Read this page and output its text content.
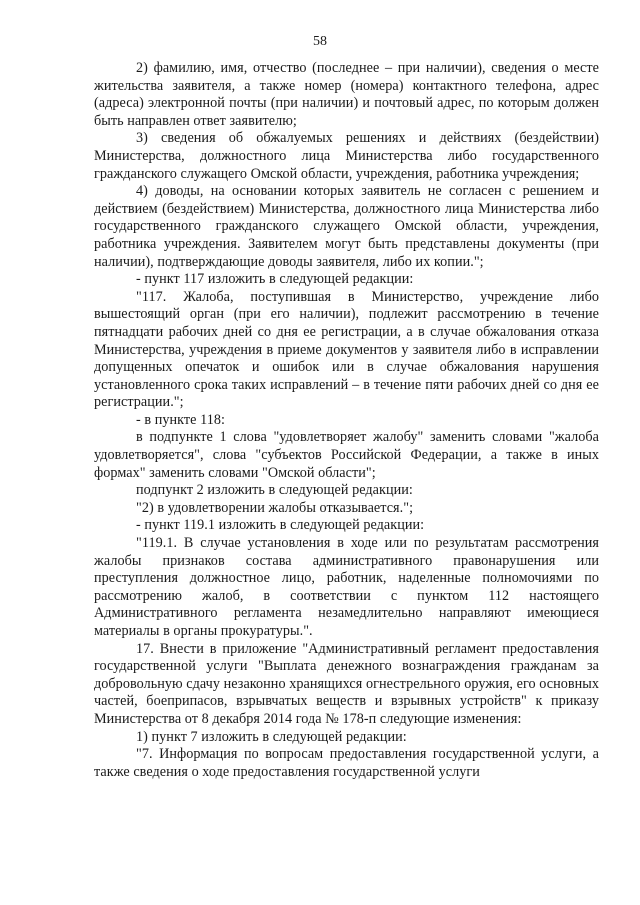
58

2) фамилию, имя, отчество (последнее – при наличии), сведения о месте жительства заявителя, а также номер (номера) контактного телефона, адрес (адреса) электронной почты (при наличии) и почтовый адрес, по которым должен быть направлен ответ заявителю;

3) сведения об обжалуемых решениях и действиях (бездействии) Министерства, должностного лица Министерства либо государственного гражданского служащего Омской области, учреждения, работника учреждения;

4) доводы, на основании которых заявитель не согласен с решением и действием (бездействием) Министерства, должностного лица Министерства либо государственного гражданского служащего Омской области, учреждения, работника учреждения. Заявителем могут быть представлены документы (при наличии), подтверждающие доводы заявителя, либо их копии.";

- пункт 117 изложить в следующей редакции:

"117. Жалоба, поступившая в Министерство, учреждение либо вышестоящий орган (при его наличии), подлежит рассмотрению в течение пятнадцати рабочих дней со дня ее регистрации, а в случае обжалования отказа Министерства, учреждения в приеме документов у заявителя либо в исправлении допущенных опечаток и ошибок или в случае обжалования нарушения установленного срока таких исправлений – в течение пяти рабочих дней со дня ее регистрации.";

- в пункте 118:

в подпункте 1 слова "удовлетворяет жалобу" заменить словами "жалоба удовлетворяется", слова "субъектов Российской Федерации, а также в иных формах" заменить словами "Омской области";

подпункт 2 изложить в следующей редакции:

"2) в удовлетворении жалобы отказывается.";

- пункт 119.1 изложить в следующей редакции:

"119.1. В случае установления в ходе или по результатам рассмотрения жалобы признаков состава административного правонарушения или преступления должностное лицо, работник, наделенные полномочиями по рассмотрению жалоб, в соответствии с пунктом 112 настоящего Административного регламента незамедлительно направляют имеющиеся материалы в органы прокуратуры.".

17. Внести в приложение "Административный регламент предоставления государственной услуги "Выплата денежного вознаграждения гражданам за добровольную сдачу незаконно хранящихся огнестрельного оружия, его основных частей, боеприпасов, взрывчатых веществ и взрывных устройств" к приказу Министерства от 8 декабря 2014 года № 178-п следующие изменения:

1) пункт 7 изложить в следующей редакции:

"7. Информация по вопросам предоставления государственной услуги, а также сведения о ходе предоставления государственной услуги
